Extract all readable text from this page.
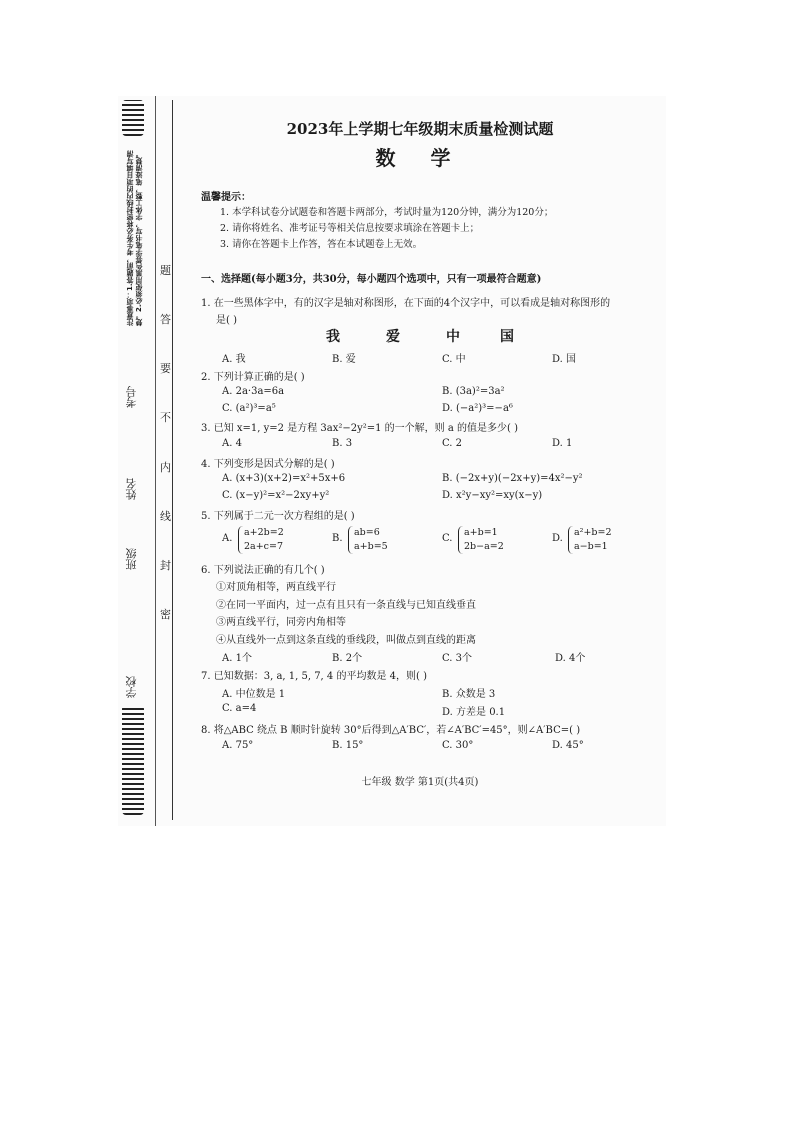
注意事项：1.答题前，考生务必将密封线内的项目填写清楚。2.必须使用黑色签字笔书写，字体工整，笔迹清楚。
考号
姓名
班级
学校
题
答
要
不
内
线
封
密
2023年上学期七年级期末质量检测试题
数 学
温馨提示：
1. 本学科试卷分试题卷和答题卡两部分，考试时量为120分钟，满分为120分；
2. 请你将姓名、准考证号等相关信息按要求填涂在答题卡上；
3. 请你在答题卡上作答，答在本试题卷上无效。
一、选择题(每小题3分，共30分，每小题四个选项中，只有一项最符合题意)
1. 在一些黑体字中，有的汉字是轴对称图形，在下面的4个汉字中，可以看成是轴对称图形的
是( )
我	爱	中	国
A. 我	B. 爱	C. 中	D. 国
2. 下列计算正确的是( )
A. 2a·3a=6a	B. (3a)²=3a²
C. (a²)³=a⁵	D. (−a²)³=−a⁶
3. 已知 x=1, y=2 是方程 3ax²−2y²=1 的一个解，则 a 的值是多少( )
A. 4	B. 3	C. 2	D. 1
4. 下列变形是因式分解的是( )
A. (x+3)(x+2)=x²+5x+6	B. (−2x+y)(−2x+y)=4x²−y²
C. (x−y)²=x²−2xy+y²	D. x²y−xy²=xy(x−y)
5. 下列属于二元一次方程组的是( )
A.
a+2b=2
2a+c=7
B.
ab=6
a+b=5
C.
a+b=1
2b−a=2
D.
a²+b=2
a−b=1
6. 下列说法正确的有几个( )
①对顶角相等，两直线平行
②在同一平面内，过一点有且只有一条直线与已知直线垂直
③两直线平行，同旁内角相等
④从直线外一点到这条直线的垂线段，叫做点到直线的距离
A. 1个	B. 2个	C. 3个	D. 4个
7. 已知数据：3, a, 1, 5, 7, 4 的平均数是 4，则( )
A. 中位数是 1	B. 众数是 3
C. a=4	D. 方差是 0.1
8. 将△ABC 绕点 B 顺时针旋转 30°后得到△A′BC′，若∠A′BC′=45°，则∠A′BC=( )
A. 75°	B. 15°	C. 30°	D. 45°
七年级 数学 第1页(共4页)
